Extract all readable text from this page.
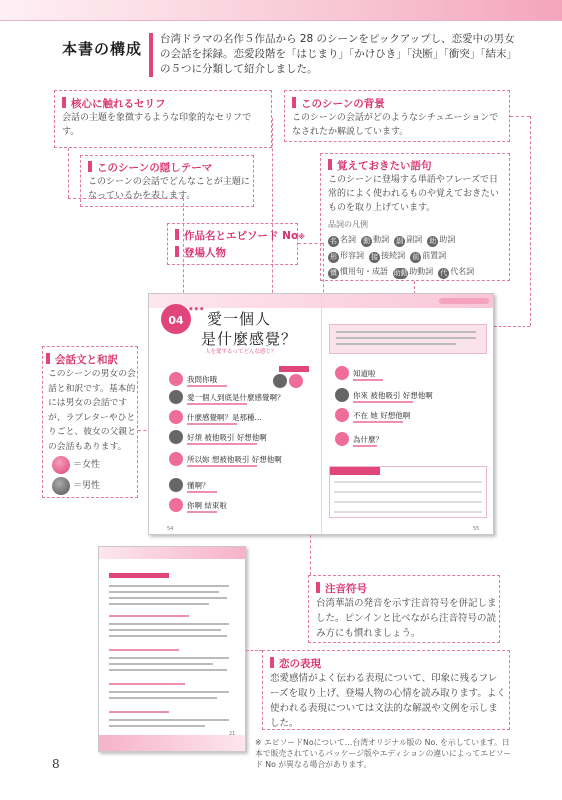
本書の構成
台湾ドラマの名作５作品から 28 のシーンをピックアップし、恋愛中の男女の会話を採録。恋愛段階を「はじまり」「かけひき」「決断」「衝突」「結末」の５つに分類して紹介しました。
核心に触れるセリフ
会話の主題を象徴するような印象的なセリフです。
このシーンの隠しテーマ
このシーンの会話でどんなことが主題になっているかを表します。
作品名とエピソード No※
登場人物
このシーンの背景
このシーンの会話がどのようなシチュエーションでなされたか解説しています。
覚えておきたい語句
このシーンに登場する単語やフレーズで日常的によく使われるものや覚えておきたいものを取り上げています。
品詞の凡例
名 名詞 動 動詞 副 副詞 助 助詞
形 形容詞 接 接続詞 前 前置詞
慣 慣用句・成語 助動 助動詞 代 代名詞
会話文と和訳
このシーンの男女の会話と和訳です。基本的には男女の会話ですが、ラブレターやひとりごと、彼女の父親との会話もあります。
＝女性
＝男性
04
◆ ◆ ◆
愛一個人
是什麼感覺？
人を愛するってどんな感じ？
我問你哦
愛一個人到底是什麼感覺啊？
什麼感覺啊？是那種…
好煩 被他吸引 好想他啊
所以妳 想被他吸引 好想他啊
懂啊？
你啊 結束啦
54
知道啦
你來 被他吸引 好想他啊
不在 她 好想他啊
為什麼？
55
21
注音符号
台湾華語の発音を示す注音符号を併記しました。ピンインと比べながら注音符号の読み方にも慣れましょう。
恋の表現
恋愛感情がよく伝わる表現について、印象に残るフレーズを取り上げ、登場人物の心情を読み取ります。よく使われる表現については文法的な解説や文例を示しました。
※ エピソードNoについて…台湾オリジナル版の No. を示しています。日本で販売されているパッケージ版やエディションの違いによってエピソード No が異なる場合があります。
8
